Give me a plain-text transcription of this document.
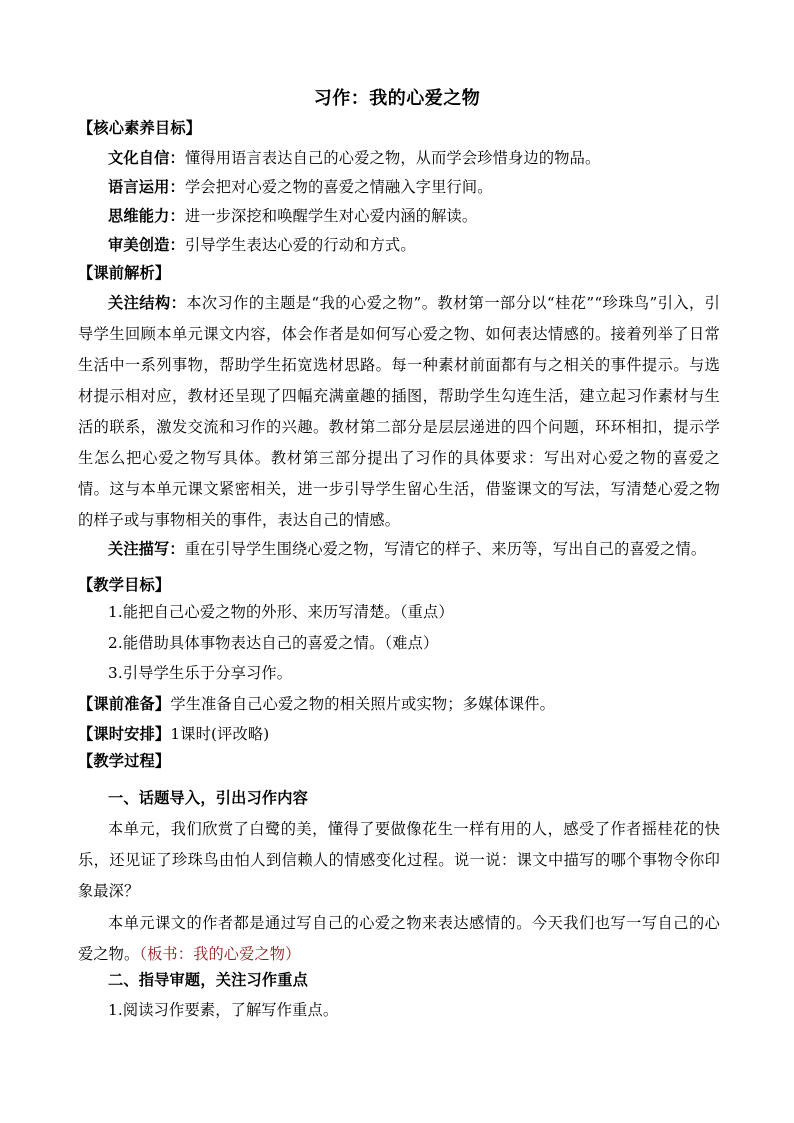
习作：我的心爱之物
【核心素养目标】
文化自信：懂得用语言表达自己的心爱之物，从而学会珍惜身边的物品。
语言运用：学会把对心爱之物的喜爱之情融入字里行间。
思维能力：进一步深挖和唤醒学生对心爱内涵的解读。
审美创造：引导学生表达心爱的行动和方式。
【课前解析】
关注结构：本次习作的主题是“我的心爱之物”。教材第一部分以“桂花”“珍珠鸟”引入，引导学生回顾本单元课文内容，体会作者是如何写心爱之物、如何表达情感的。接着列举了日常生活中一系列事物，帮助学生拓宽选材思路。每一种素材前面都有与之相关的事件提示。与选材提示相对应，教材还呈现了四幅充满童趣的插图，帮助学生勾连生活，建立起习作素材与生活的联系，激发交流和习作的兴趣。教材第二部分是层层递进的四个问题，环环相扣，提示学生怎么把心爱之物写具体。教材第三部分提出了习作的具体要求：写出对心爱之物的喜爱之情。这与本单元课文紧密相关，进一步引导学生留心生活，借鉴课文的写法，写清楚心爱之物的样子或与事物相关的事件，表达自己的情感。
关注描写：重在引导学生围绕心爱之物，写清它的样子、来历等，写出自己的喜爱之情。
【教学目标】
1.能把自己心爱之物的外形、来历写清楚。（重点）
2.能借助具体事物表达自己的喜爱之情。（难点）
3.引导学生乐于分享习作。
【课前准备】学生准备自己心爱之物的相关照片或实物；多媒体课件。
【课时安排】1课时(评改略)
【教学过程】
一、话题导入，引出习作内容
本单元，我们欣赏了白鹭的美，懂得了要做像花生一样有用的人，感受了作者摇桂花的快乐，还见证了珍珠鸟由怕人到信赖人的情感变化过程。说一说：课文中描写的哪个事物令你印象最深？
本单元课文的作者都是通过写自己的心爱之物来表达感情的。今天我们也写一写自己的心爱之物。（板书：我的心爱之物）
二、指导审题，关注习作重点
1.阅读习作要素，了解写作重点。
